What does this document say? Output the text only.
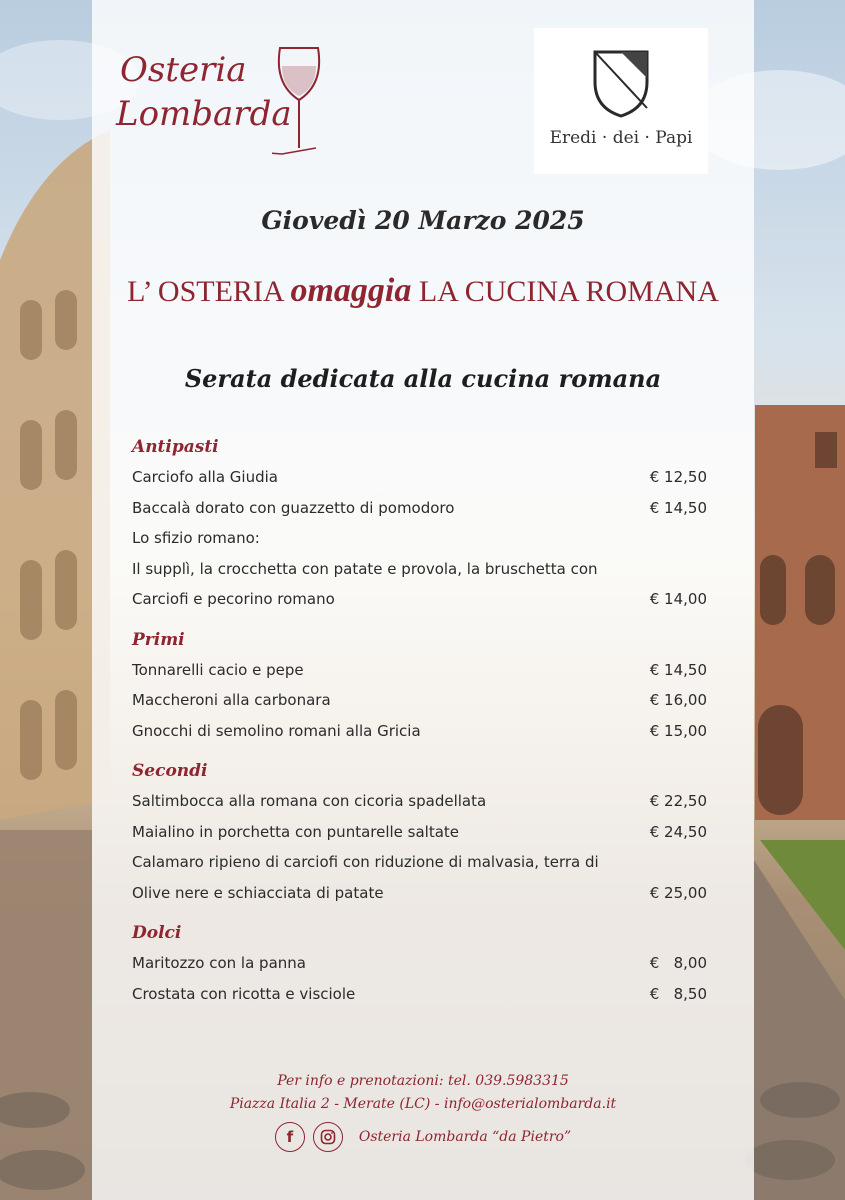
Osteria
Lombarda
Eredi · dei · Papi
Giovedì 20 Marzo 2025
L’ OSTERIA omaggia LA CUCINA ROMANA
Serata dedicata alla cucina romana
Antipasti
Carciofo alla Giudia	€ 12,50
Baccalà dorato con guazzetto di pomodoro	€ 14,50
Lo sfizio romano:
Il supplì, la crocchetta con patate e provola, la bruschetta con
Carciofi e pecorino romano	€ 14,00
Primi
Tonnarelli cacio e pepe	€ 14,50
Maccheroni alla carbonara	€ 16,00
Gnocchi di semolino romani alla Gricia	€ 15,00
Secondi
Saltimbocca alla romana con cicoria spadellata	€ 22,50
Maialino in porchetta con puntarelle saltate	€ 24,50
Calamaro ripieno di carciofi con riduzione di malvasia, terra di
Olive nere e schiacciata di patate	€ 25,00
Dolci
Maritozzo con la panna	€   8,00
Crostata con ricotta e visciole	€   8,50
Per info e prenotazioni: tel. 039.5983315
Piazza Italia 2 - Merate (LC) - info@osterialombarda.it
f	Osteria Lombarda “da Pietro”
